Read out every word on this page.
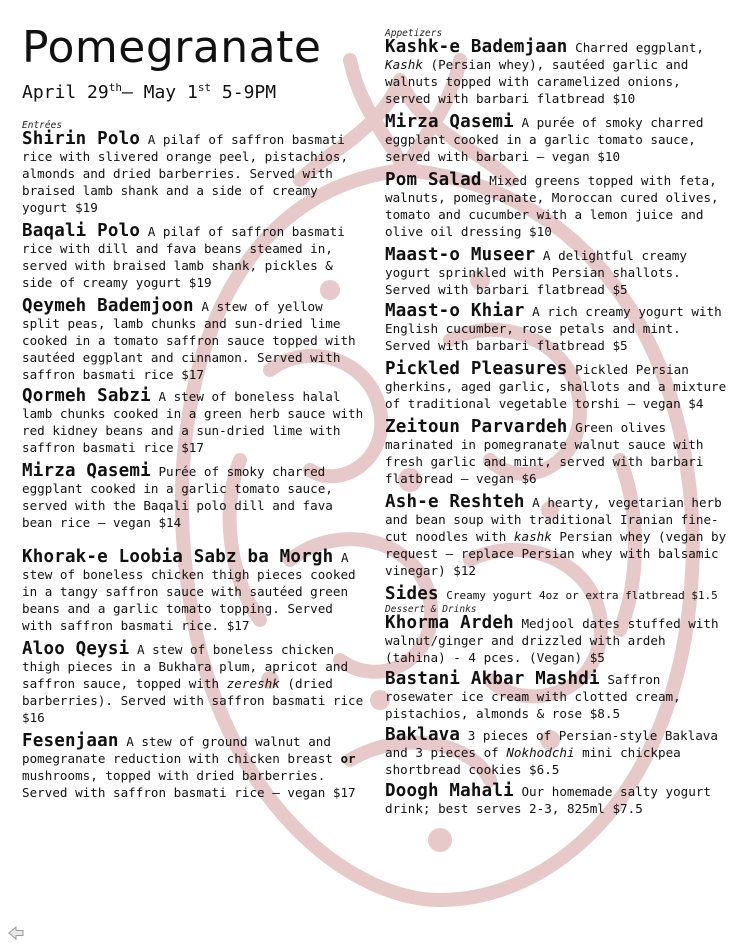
Pomegranate
April 29th– May 1st 5-9PM
Entrées

Shirin Polo A pilaf of saffron basmati rice with slivered orange peel, pistachios, almonds and dried barberries. Served with braised lamb shank and a side of creamy yogurt $19

Baqali Polo A pilaf of saffron basmati rice with dill and fava beans steamed in, served with braised lamb shank, pickles & side of creamy yogurt $19

Qeymeh Bademjoon A stew of yellow split peas, lamb chunks and sun-dried lime cooked in a tomato saffron sauce topped with sautéed eggplant and cinnamon. Served with saffron basmati rice $17

Qormeh Sabzi A stew of boneless halal lamb chunks cooked in a green herb sauce with red kidney beans and a sun-dried lime with saffron basmati rice $17

Mirza Qasemi Purée of smoky charred eggplant cooked in a garlic tomato sauce, served with the Baqali polo dill and fava bean rice – vegan $14

Khorak-e Loobia Sabz ba Morgh A stew of boneless chicken thigh pieces cooked in a tangy saffron sauce with sautéed green beans and a garlic tomato topping. Served with saffron basmati rice. $17

Aloo Qeysi A stew of boneless chicken thigh pieces in a Bukhara plum, apricot and saffron sauce, topped with zereshk (dried barberries). Served with saffron basmati rice $16

Fesenjaan A stew of ground walnut and pomegranate reduction with chicken breast or mushrooms, topped with dried barberries. Served with saffron basmati rice – vegan $17

Appetizers

Kashk-e Bademjaan Charred eggplant, Kashk (Persian whey), sautéed garlic and walnuts topped with caramelized onions, served with barbari flatbread $10

Mirza Qasemi A purée of smoky charred eggplant cooked in a garlic tomato sauce, served with barbari – vegan $10

Pom Salad Mixed greens topped with feta, walnuts, pomegranate, Moroccan cured olives, tomato and cucumber with a lemon juice and olive oil dressing $10

Maast-o Museer A delightful creamy yogurt sprinkled with Persian shallots. Served with barbari flatbread $5

Maast-o Khiar A rich creamy yogurt with English cucumber, rose petals and mint. Served with barbari flatbread $5

Pickled Pleasures Pickled Persian gherkins, aged garlic, shallots and a mixture of traditional vegetable torshi – vegan $4

Zeitoun Parvardeh Green olives marinated in pomegranate walnut sauce with fresh garlic and mint, served with barbari flatbread – vegan $6

Ash-e Reshteh A hearty, vegetarian herb and bean soup with traditional Iranian fine-cut noodles with kashk Persian whey (vegan by request – replace Persian whey with balsamic vinegar) $12

Sides Creamy yogurt 4oz or extra flatbread $1.5

Dessert & Drinks

Khorma Ardeh Medjool dates stuffed with walnut/ginger and drizzled with ardeh (tahina) - 4 pces. (Vegan) $5

Bastani Akbar Mashdi Saffron rosewater ice cream with clotted cream, pistachios, almonds & rose $8.5

Baklava 3 pieces of Persian-style Baklava and 3 pieces of Nokhodchi mini chickpea shortbread cookies $6.5

Doogh Mahali Our homemade salty yogurt drink; best serves 2-3, 825ml $7.5
